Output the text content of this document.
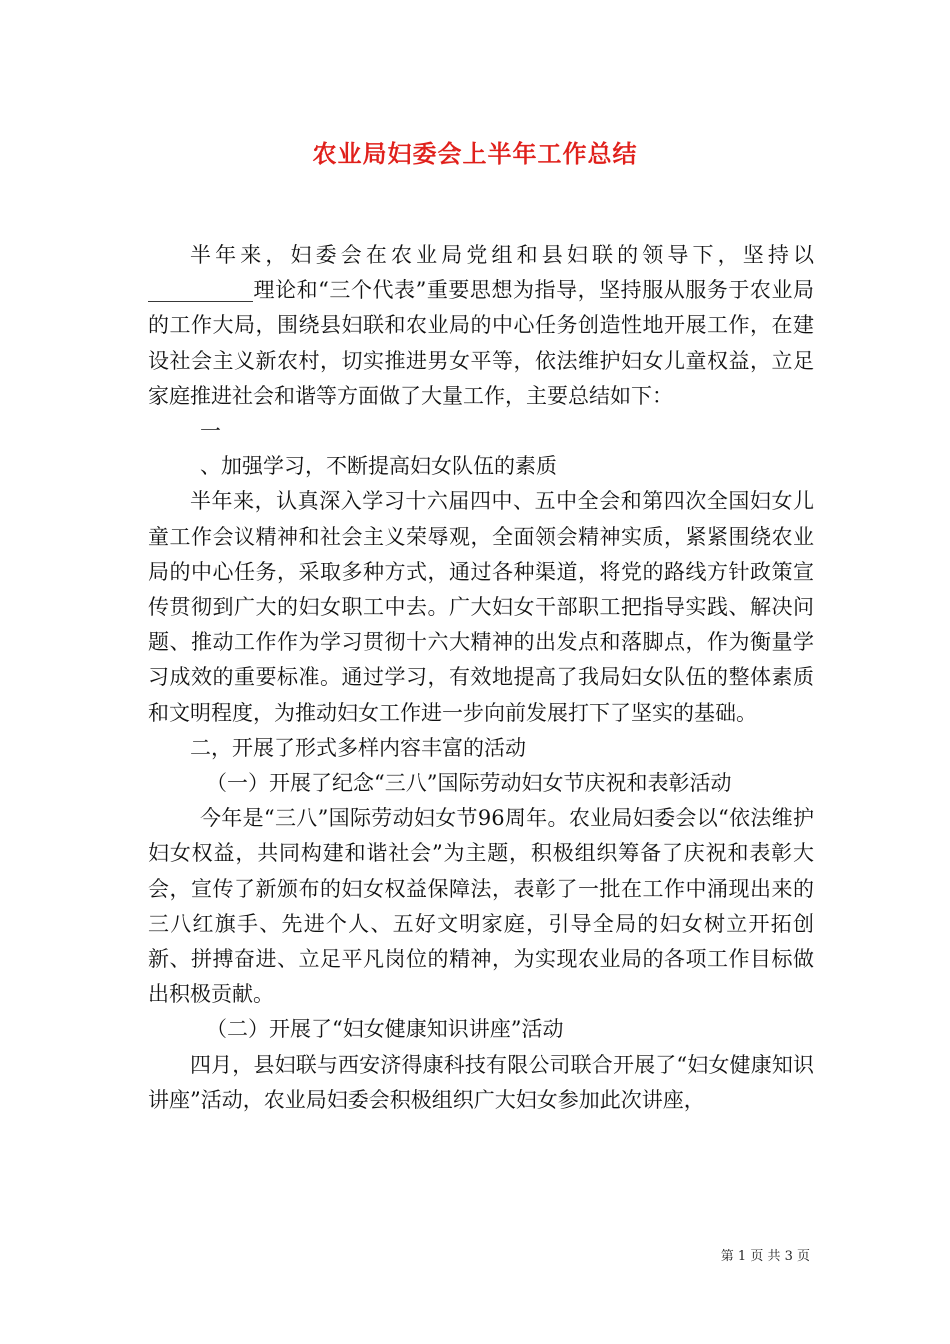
农业局妇委会上半年工作总结

半年来，妇委会在农业局党组和县妇联的领导下，坚持以__________理论和“三个代表”重要思想为指导，坚持服从服务于农业局的工作大局，围绕县妇联和农业局的中心任务创造性地开展工作，在建设社会主义新农村，切实推进男女平等，依法维护妇女儿童权益，立足家庭推进社会和谐等方面做了大量工作，主要总结如下：

一

、加强学习，不断提高妇女队伍的素质

半年来，认真深入学习十六届四中、五中全会和第四次全国妇女儿童工作会议精神和社会主义荣辱观，全面领会精神实质，紧紧围绕农业局的中心任务，采取多种方式，通过各种渠道，将党的路线方针政策宣传贯彻到广大的妇女职工中去。广大妇女干部职工把指导实践、解决问题、推动工作作为学习贯彻十六大精神的出发点和落脚点，作为衡量学习成效的重要标准。通过学习，有效地提高了我局妇女队伍的整体素质和文明程度，为推动妇女工作进一步向前发展打下了坚实的基础。

二，开展了形式多样内容丰富的活动

（一）开展了纪念“三八”国际劳动妇女节庆祝和表彰活动

今年是“三八”国际劳动妇女节96周年。农业局妇委会以“依法维护妇女权益，共同构建和谐社会”为主题，积极组织筹备了庆祝和表彰大会，宣传了新颁布的妇女权益保障法，表彰了一批在工作中涌现出来的三八红旗手、先进个人、五好文明家庭，引导全局的妇女树立开拓创新、拼搏奋进、立足平凡岗位的精神，为实现农业局的各项工作目标做出积极贡献。

（二）开展了“妇女健康知识讲座”活动

四月，县妇联与西安济得康科技有限公司联合开展了“妇女健康知识讲座”活动，农业局妇委会积极组织广大妇女参加此次讲座，

第 1 页 共 3 页
